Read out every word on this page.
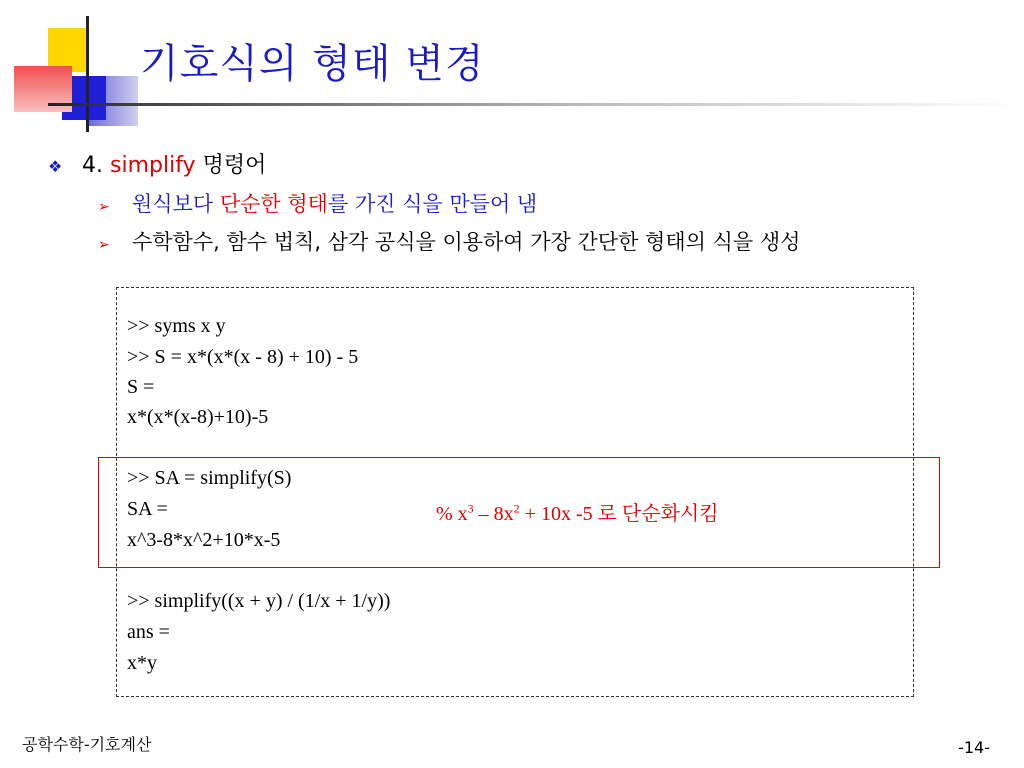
기호식의 형태 변경
❖ 4. simplify 명령어
➢ 원식보다 단순한 형태를 가진 식을 만들어 냄
➢ 수학함수, 함수 법칙, 삼각 공식을 이용하여 가장 간단한 형태의 식을 생성
>> syms x y
>> S = x*(x*(x - 8) + 10) - 5
S =
x*(x*(x-8)+10)-5
>> SA = simplify(S)
SA =
x^3-8*x^2+10*x-5
>> simplify((x + y) / (1/x + 1/y))
ans =
x*y
% $x^3 - 8x^2 + 10x$ -5 로 단순화시킴
공학수학-기호계산	-14-
